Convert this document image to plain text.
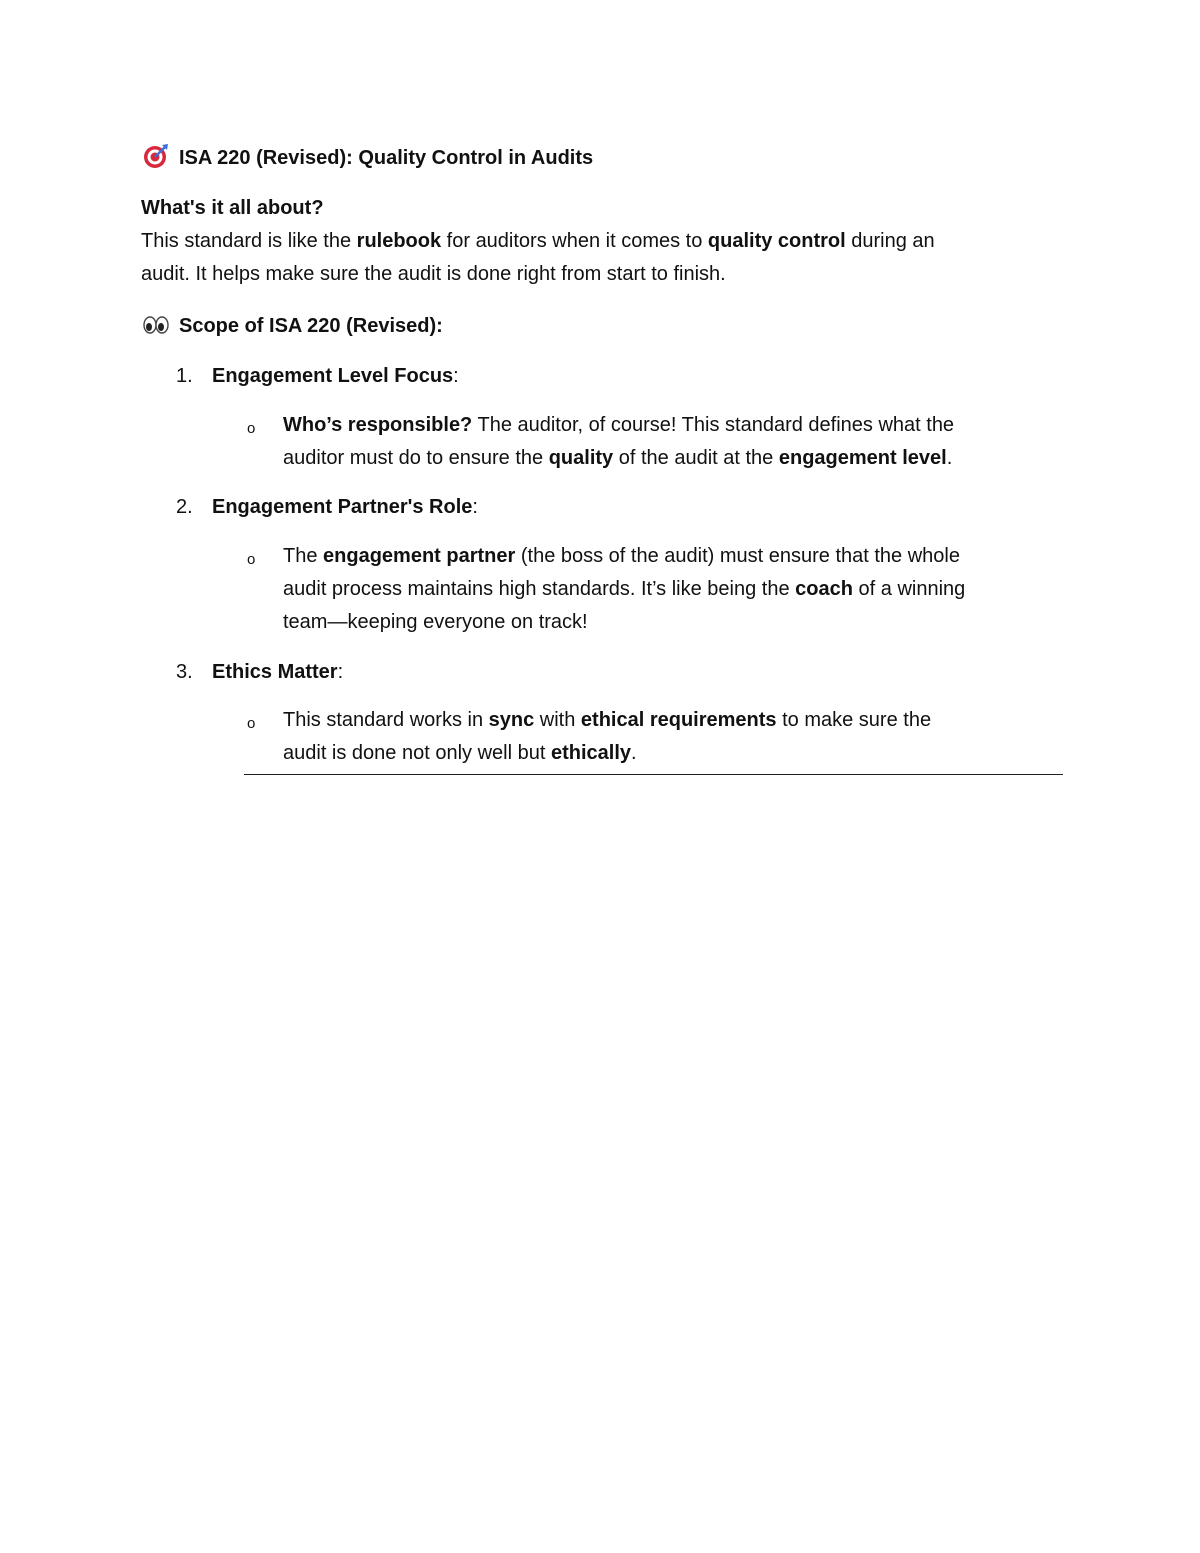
ISA 220 (Revised): Quality Control in Audits
What's it all about?
This standard is like the rulebook for auditors when it comes to quality control during an
audit. It helps make sure the audit is done right from start to finish.
Scope of ISA 220 (Revised):
1. Engagement Level Focus:
o Who’s responsible? The auditor, of course! This standard defines what the
auditor must do to ensure the quality of the audit at the engagement level.
2. Engagement Partner's Role:
o The engagement partner (the boss of the audit) must ensure that the whole
audit process maintains high standards. It’s like being the coach of a winning
team—keeping everyone on track!
3. Ethics Matter:
o This standard works in sync with ethical requirements to make sure the
audit is done not only well but ethically.
